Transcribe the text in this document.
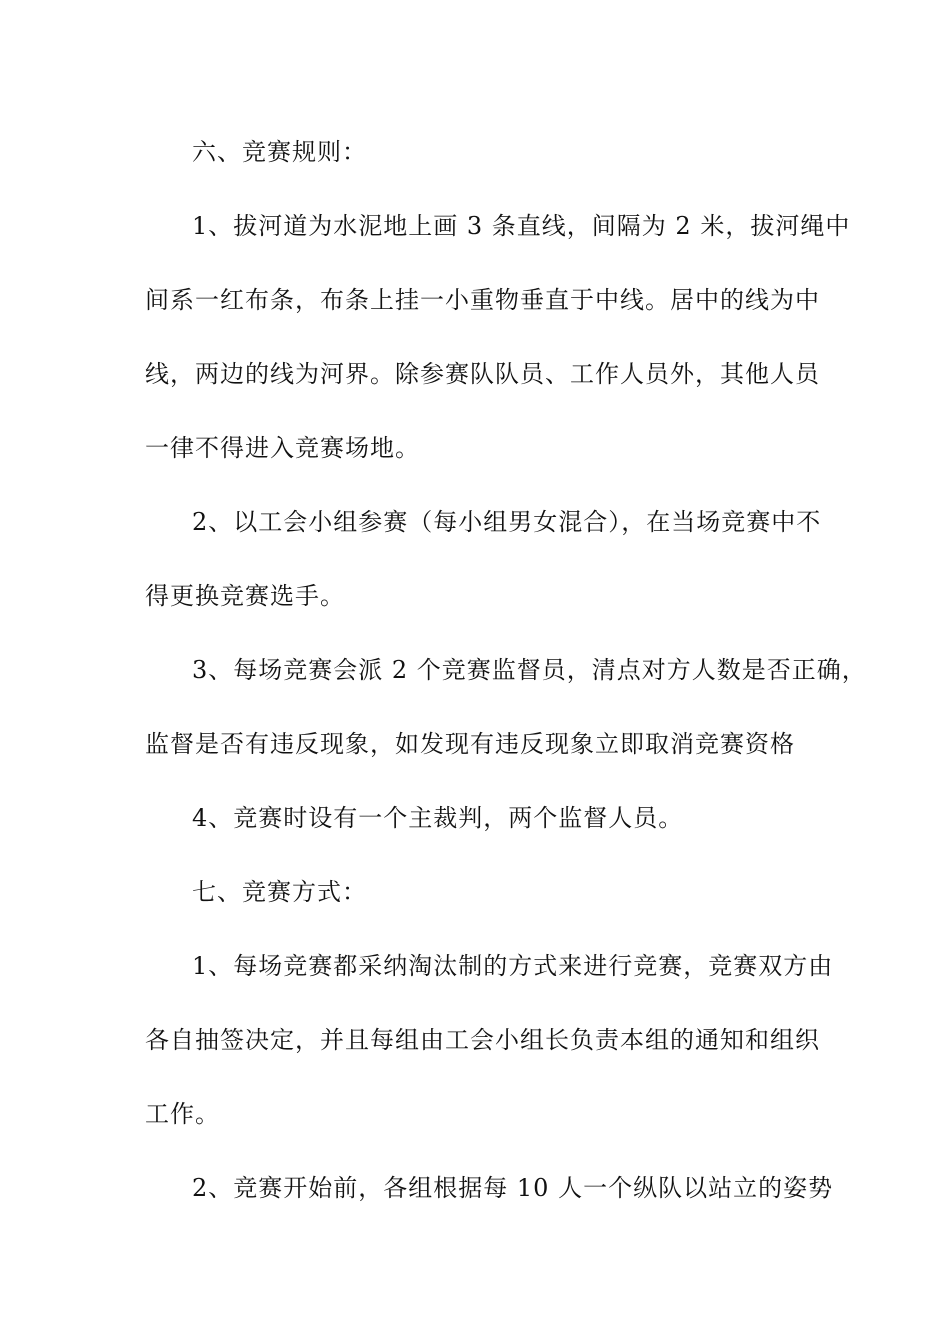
六、竞赛规则：
1、拔河道为水泥地上画 3 条直线，间隔为 2 米，拔河绳中
间系一红布条，布条上挂一小重物垂直于中线。居中的线为中
线，两边的线为河界。除参赛队队员、工作人员外，其他人员
一律不得进入竞赛场地。
2、以工会小组参赛（每小组男女混合），在当场竞赛中不
得更换竞赛选手。
3、每场竞赛会派 2 个竞赛监督员，清点对方人数是否正确，
监督是否有违反现象，如发现有违反现象立即取消竞赛资格
4、竞赛时设有一个主裁判，两个监督人员。
七、竞赛方式：
1、每场竞赛都采纳淘汰制的方式来进行竞赛，竞赛双方由
各自抽签决定，并且每组由工会小组长负责本组的通知和组织
工作。
2、竞赛开始前，各组根据每 10 人一个纵队以站立的姿势
